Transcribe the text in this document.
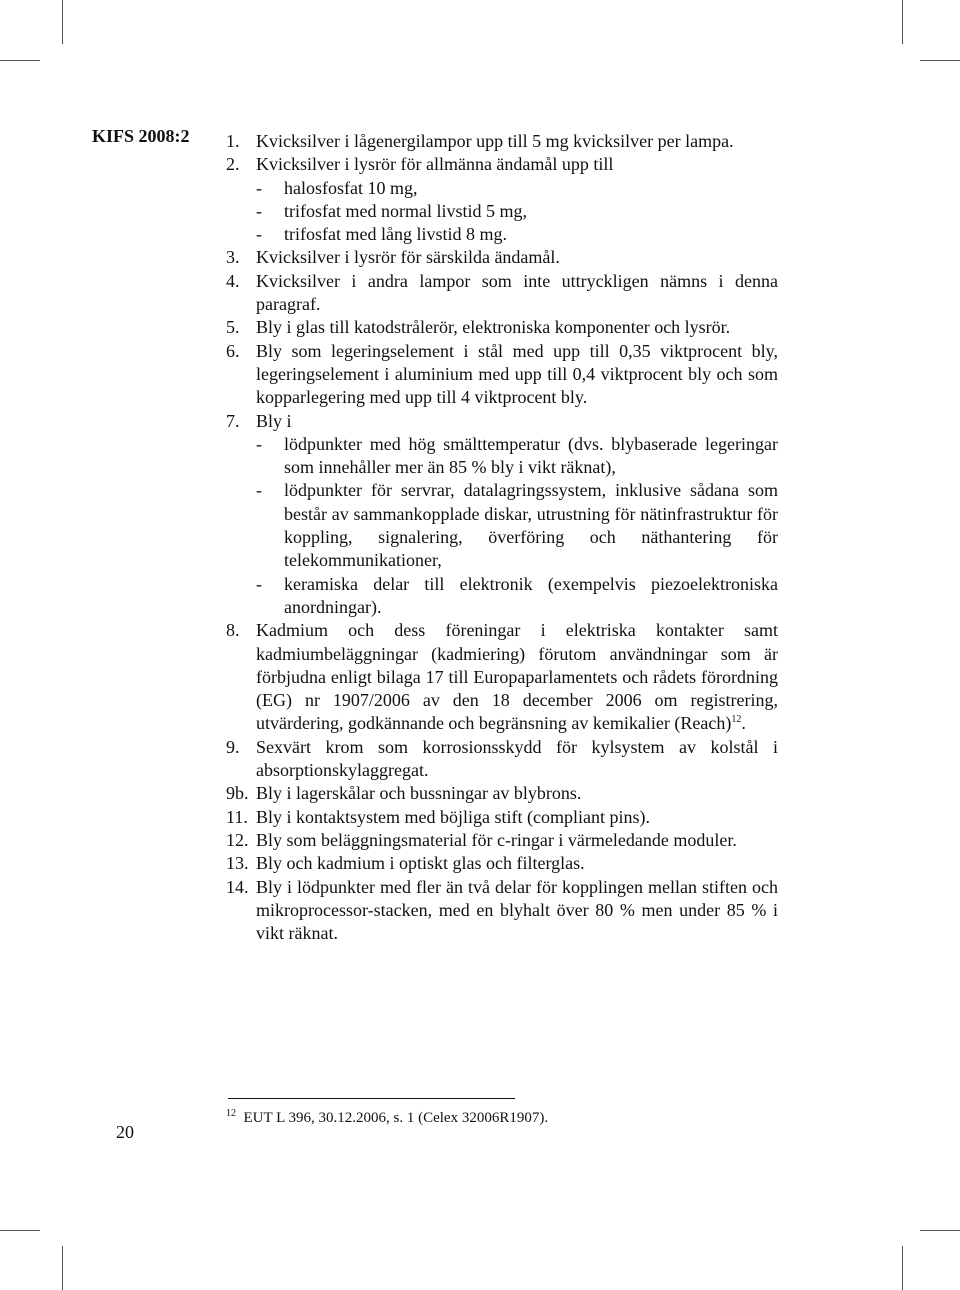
KIFS 2008:2 1. Kvicksilver i lågenergilampor upp till 5 mg kvicksilver per lampa.
2. Kvicksilver i lysrör för allmänna ändamål upp till
-	halosfosfat 10 mg,
-	trifosfat med normal livstid 5 mg,
-	trifosfat med lång livstid 8 mg.
3. Kvicksilver i lysrör för särskilda ändamål.
4. Kvicksilver i andra lampor som inte uttryckligen nämns i denna paragraf.
5. Bly i glas till katodstrålerör, elektroniska komponenter och lysrör.
6. Bly som legeringselement i stål med upp till 0,35 viktprocent bly, legeringselement i aluminium med upp till 0,4 viktprocent bly och som kopparlegering med upp till 4 viktprocent bly.
7. Bly i
-	lödpunkter med hög smälttemperatur (dvs. blybaserade legeringar som innehåller mer än 85 % bly i vikt räknat),
-	lödpunkter för servrar, datalagringssystem, inklusive sådana som består av sammankopplade diskar, utrustning för nätinfrastruktur för koppling, signalering, överföring och näthantering för telekommunikationer,
-	keramiska delar till elektronik (exempelvis piezoelektroniska anordningar).
8. Kadmium och dess föreningar i elektriska kontakter samt kadmiumbeläggningar (kadmiering) förutom användningar som är förbjudna enligt bilaga 17 till Europaparlamentets och rådets förordning (EG) nr 1907/2006 av den 18 december 2006 om registrering, utvärdering, godkännande och begränsning av kemikalier (Reach)$^{12}$.
9. Sexvärt krom som korrosionsskydd för kylsystem av kolstål i absorptionskylaggregat.
9b. Bly i lagerskålar och bussningar av blybrons.
11. Bly i kontaktsystem med böjliga stift (compliant pins).
12. Bly som beläggningsmaterial för c-ringar i värmeledande moduler.
13. Bly och kadmium i optiskt glas och filterglas.
14. Bly i lödpunkter med fler än två delar för kopplingen mellan stiften och mikroprocessor-stacken, med en blyhalt över 80 % men under 85 % i vikt räknat.
$^{12}$ EUT L 396, 30.12.2006, s. 1 (Celex 32006R1907).
20
